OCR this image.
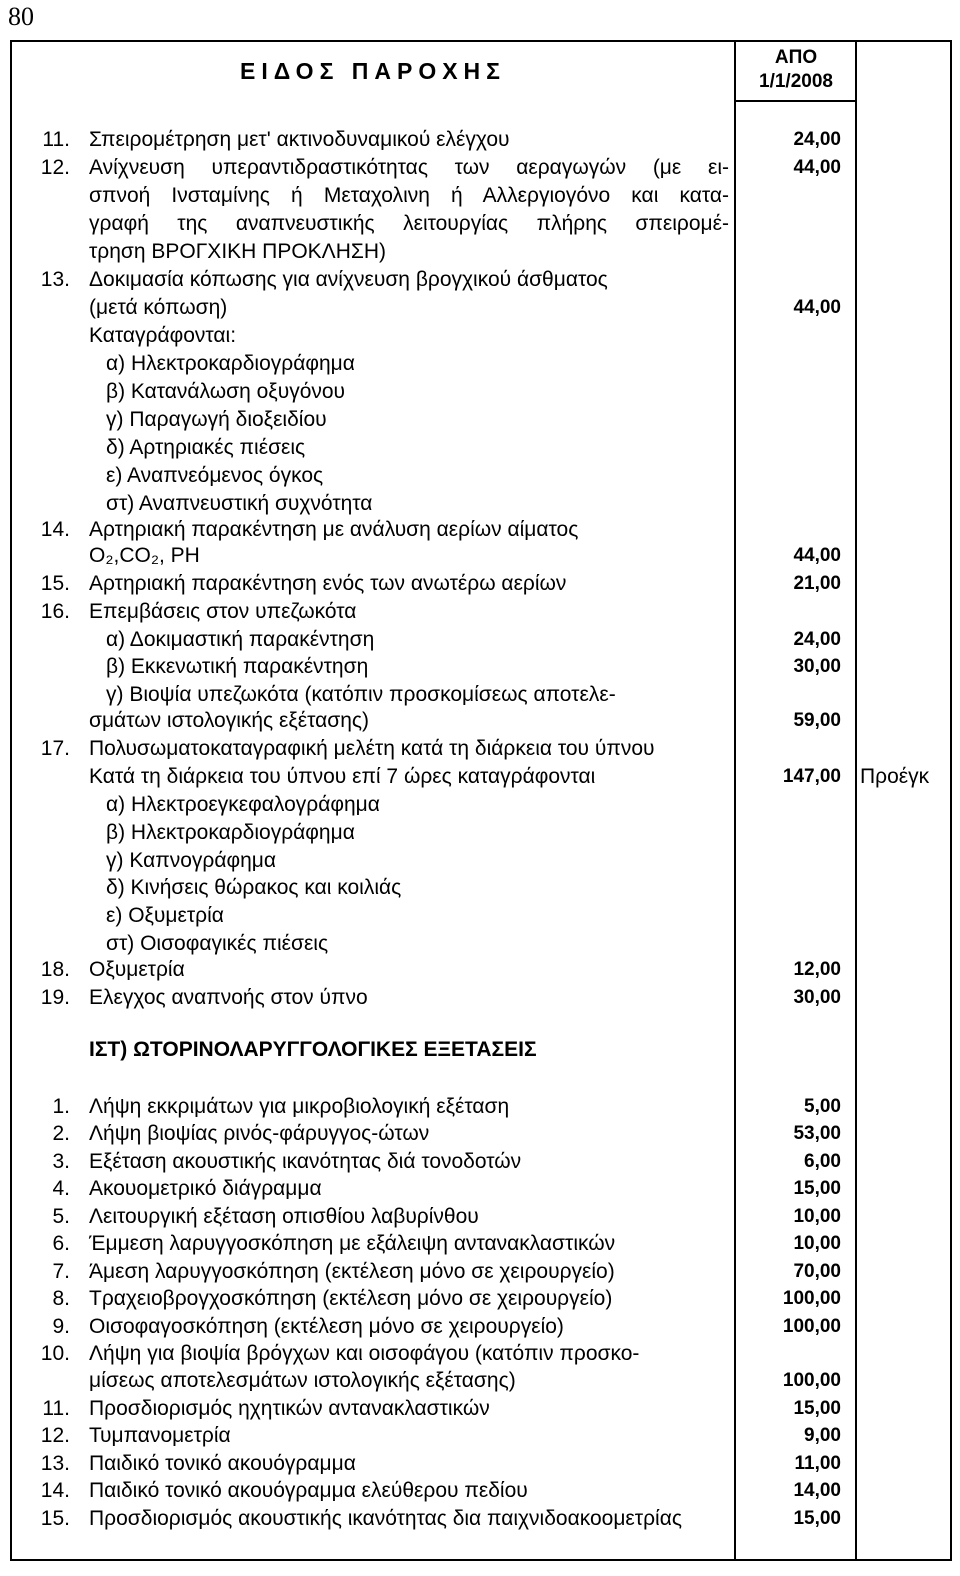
80
ΕΙΔΟΣ ΠΑΡΟΧΗΣ
ΑΠΟ
1/1/2008
ΙΣΤ) ΩΤΟΡΙΝΟΛΑΡΥΓΓΟΛΟΓΙΚΕΣ ΕΞΕΤΑΣΕΙΣ
11. Σπειρομέτρηση μετ' ακτινοδυναμικού ελέγχου	24,00
12. Ανίχνευση υπεραντιδραστικότητας των αεραγωγών (με ει-	44,00
σπνοή Ινσταμίνης ή Μεταχολινη ή Αλλεργιογόνο και κατα-
γραφή της αναπνευστικής λειτουργίας πλήρης σπειρομέ-
τρηση ΒΡΟΓΧΙΚΗ ΠΡΟΚΛΗΣΗ)
13. Δοκιμασία κόπωσης για ανίχνευση βρογχικού άσθματος
(μετά κόπωση)	44,00
Καταγράφονται:
α) Ηλεκτροκαρδιογράφημα
β) Κατανάλωση οξυγόνου
γ) Παραγωγή διοξειδίου
δ) Αρτηριακές πιέσεις
ε) Αναπνεόμενος όγκος
στ) Αναπνευστική συχνότητα
14. Αρτηριακή παρακέντηση με ανάλυση αερίων αίματος
O₂,CO₂, PH	44,00
15. Αρτηριακή παρακέντηση ενός των ανωτέρω αερίων	21,00
16. Επεμβάσεις στον υπεζωκότα
α) Δοκιμαστική παρακέντηση	24,00
β) Εκκενωτική παρακέντηση	30,00
γ) Βιοψία υπεζωκότα (κατόπιν προσκομίσεως αποτελε-
σμάτων ιστολογικής εξέτασης)	59,00
17. Πολυσωματοκαταγραφική μελέτη κατά τη διάρκεια του ύπνου
Κατά τη διάρκεια του ύπνου επί 7 ώρες καταγράφονται	147,00 Προέγκ
α) Ηλεκτροεγκεφαλογράφημα
β) Ηλεκτροκαρδιογράφημα
γ) Καπνογράφημα
δ) Κινήσεις θώρακος και κοιλιάς
ε) Οξυμετρία
στ) Οισοφαγικές πιέσεις
18. Οξυμετρία	12,00
19. Ελεγχος αναπνοής στον ύπνο	30,00
1. Λήψη εκκριμάτων για μικροβιολογική εξέταση	5,00
2. Λήψη βιοψίας ρινός-φάρυγγος-ώτων	53,00
3. Εξέταση ακουστικής ικανότητας διά τονοδοτών	6,00
4. Ακουομετρικό διάγραμμα	15,00
5. Λειτουργική εξέταση οπισθίου λαβυρίνθου	10,00
6. Έμμεση λαρυγγοσκόπηση με εξάλειψη αντανακλαστικών	10,00
7. Άμεση λαρυγγοσκόπηση (εκτέλεση μόνο σε χειρουργείο)	70,00
8. Τραχειοβρογχοσκόπηση (εκτέλεση μόνο σε χειρουργείο)	100,00
9. Οισοφαγοσκόπηση (εκτέλεση μόνο σε χειρουργείο)	100,00
10. Λήψη για βιοψία βρόγχων και οισοφάγου (κατόπιν προσκο-
μίσεως αποτελεσμάτων ιστολογικής εξέτασης)	100,00
11. Προσδιορισμός ηχητικών αντανακλαστικών	15,00
12. Τυμπανομετρία	9,00
13. Παιδικό τονικό ακουόγραμμα	11,00
14. Παιδικό τονικό ακουόγραμμα ελεύθερου πεδίου	14,00
15. Προσδιορισμός ακουστικής ικανότητας δια παιχνιδοακοομετρίας	15,00
